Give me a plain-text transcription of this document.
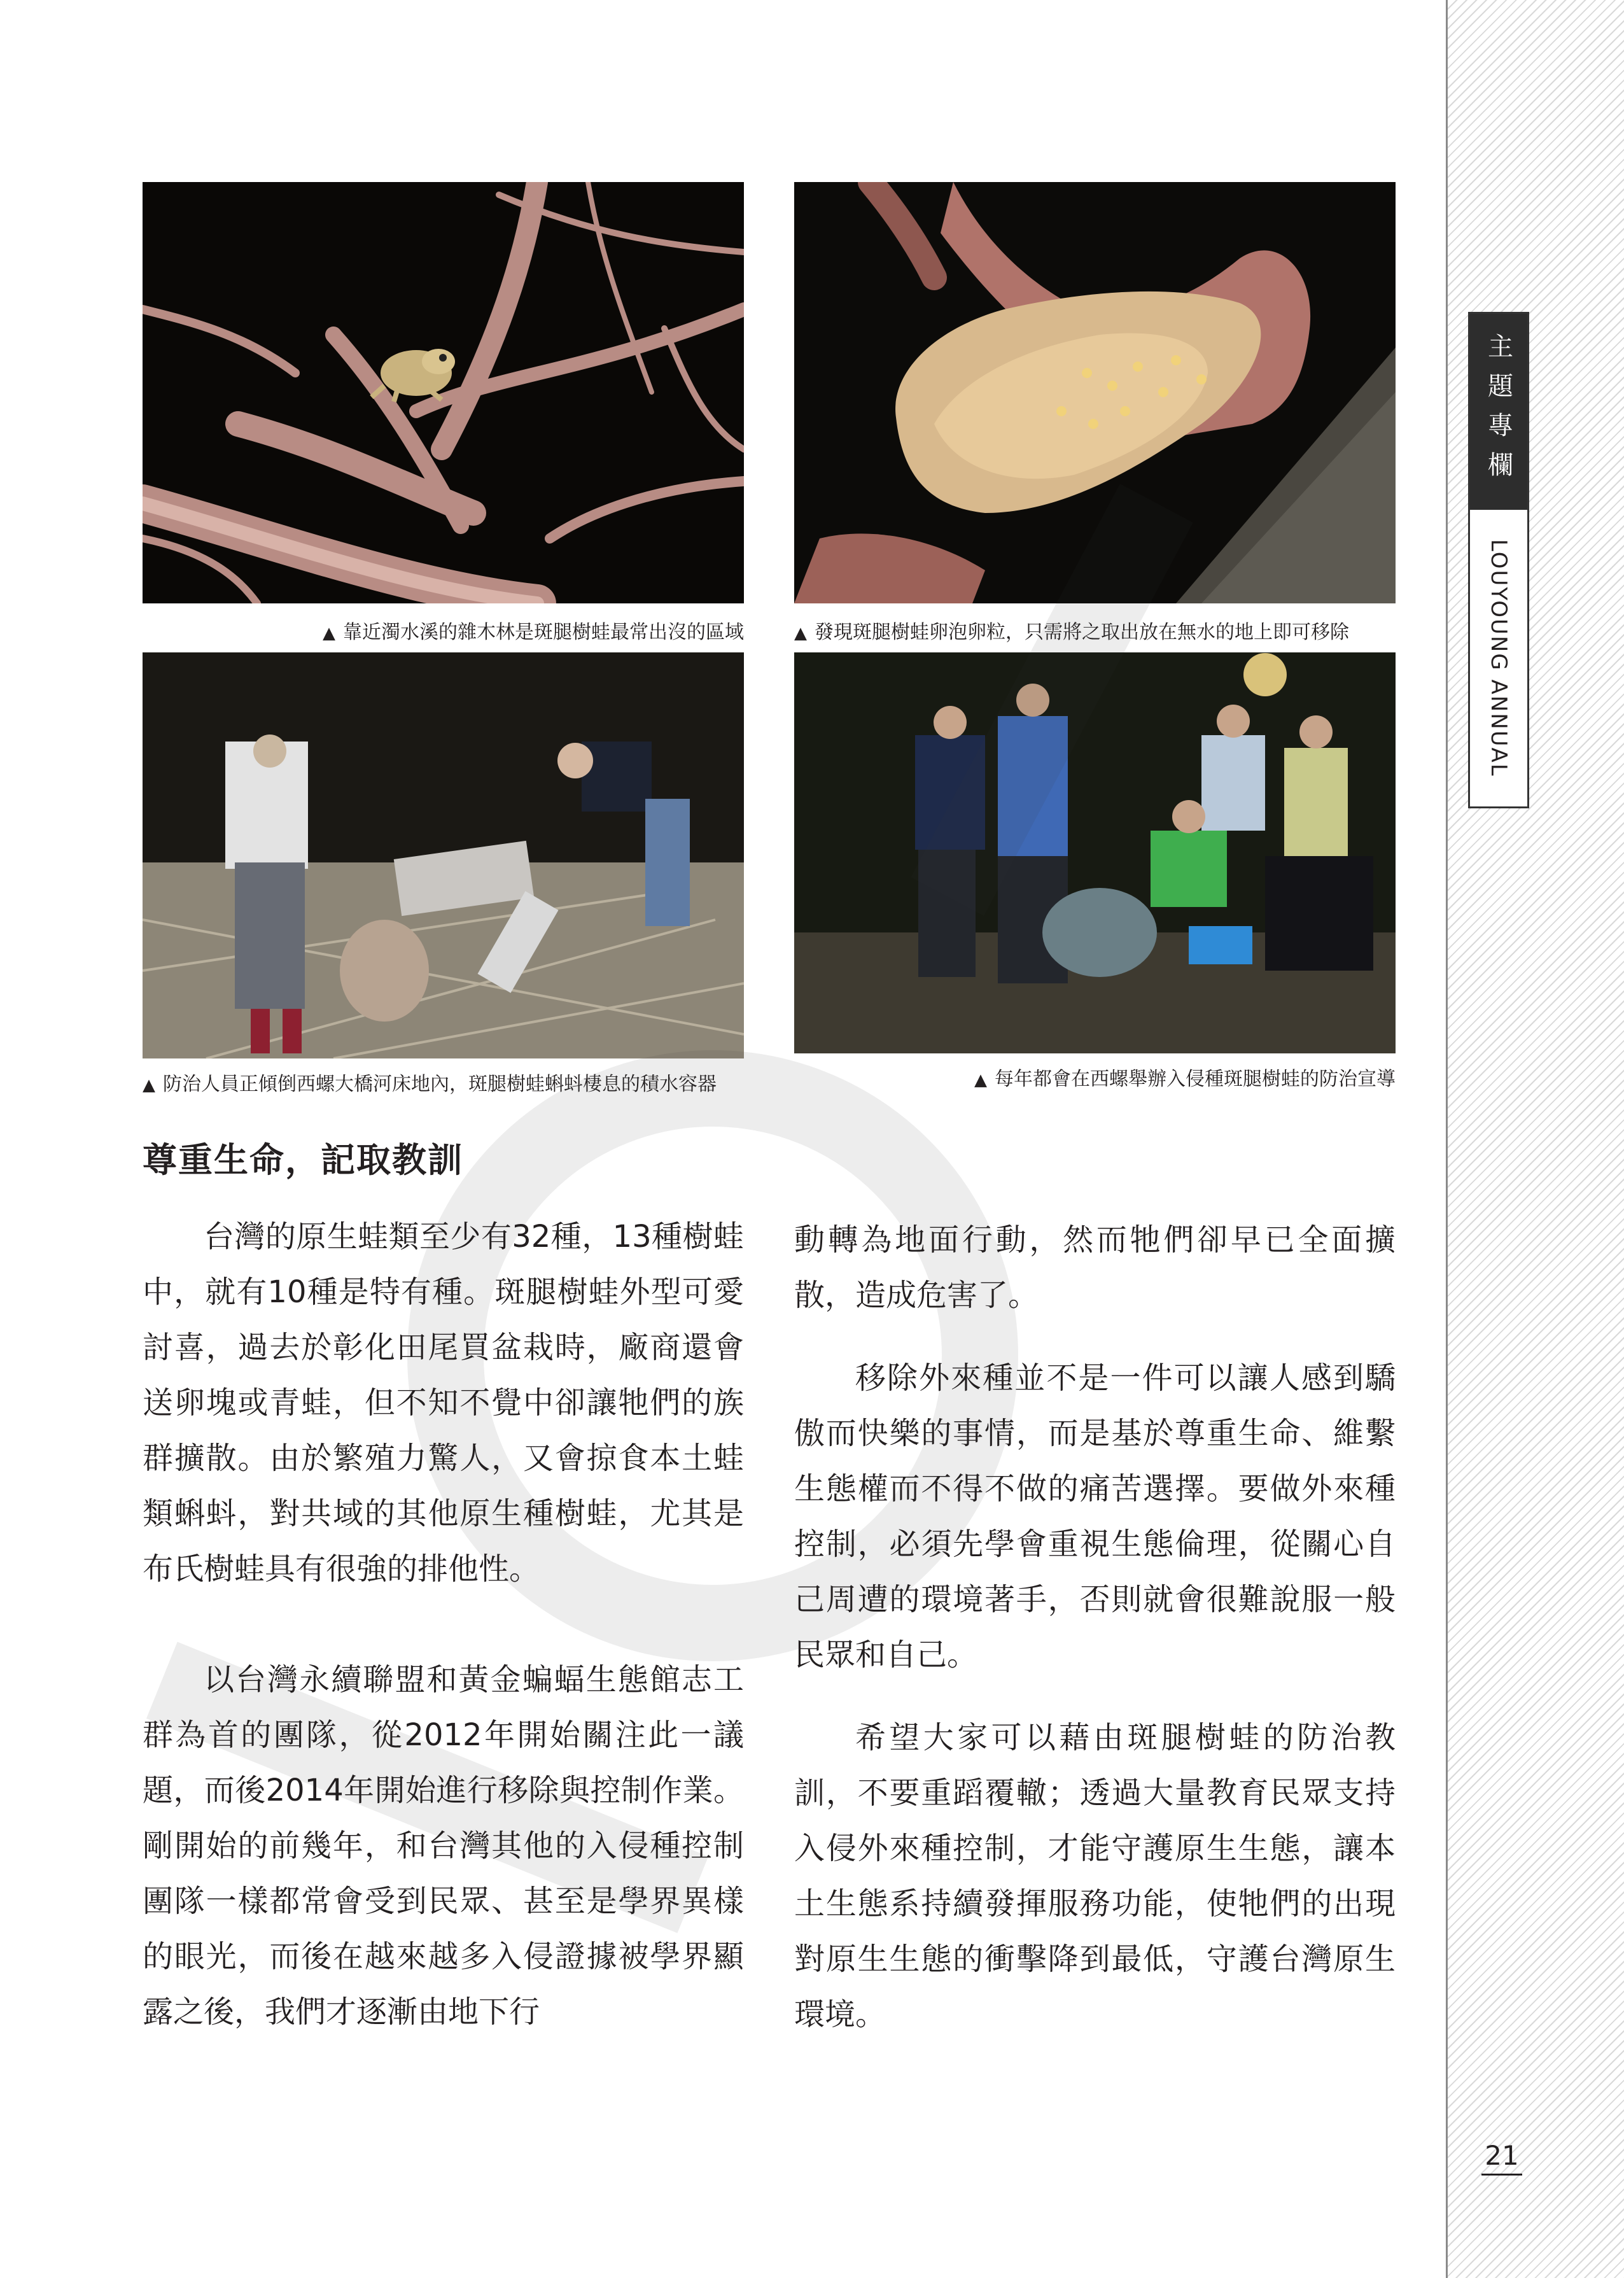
主題專欄
LOUYOUNG ANNUAL
21
▲ 靠近濁水溪的雜木林是斑腿樹蛙最常出沒的區域	▲ 發現斑腿樹蛙卵泡卵粒，只需將之取出放在無水的地上即可移除
▲ 防治人員正傾倒西螺大橋河床地內，斑腿樹蛙蝌蚪棲息的積水容器	▲ 每年都會在西螺舉辦入侵種斑腿樹蛙的防治宣導
尊重生命，記取教訓

台灣的原生蛙類至少有32種，13種樹蛙中，就有10種是特有種。斑腿樹蛙外型可愛討喜，過去於彰化田尾買盆栽時，廠商還會送卵塊或青蛙，但不知不覺中卻讓牠們的族群擴散。由於繁殖力驚人，又會掠食本土蛙類蝌蚪，對共域的其他原生種樹蛙，尤其是布氏樹蛙具有很強的排他性。

以台灣永續聯盟和黃金蝙蝠生態館志工群為首的團隊，從2012年開始關注此一議題，而後2014年開始進行移除與控制作業。剛開始的前幾年，和台灣其他的入侵種控制團隊一樣都常會受到民眾、甚至是學界異樣的眼光，而後在越來越多入侵證據被學界顯露之後，我們才逐漸由地下行

動轉為地面行動，然而牠們卻早已全面擴散，造成危害了。

移除外來種並不是一件可以讓人感到驕傲而快樂的事情，而是基於尊重生命、維繫生態權而不得不做的痛苦選擇。要做外來種控制，必須先學會重視生態倫理，從關心自己周遭的環境著手，否則就會很難說服一般民眾和自己。

希望大家可以藉由斑腿樹蛙的防治教訓，不要重蹈覆轍；透過大量教育民眾支持入侵外來種控制，才能守護原生生態，讓本土生態系持續發揮服務功能，使牠們的出現對原生生態的衝擊降到最低，守護台灣原生環境。
